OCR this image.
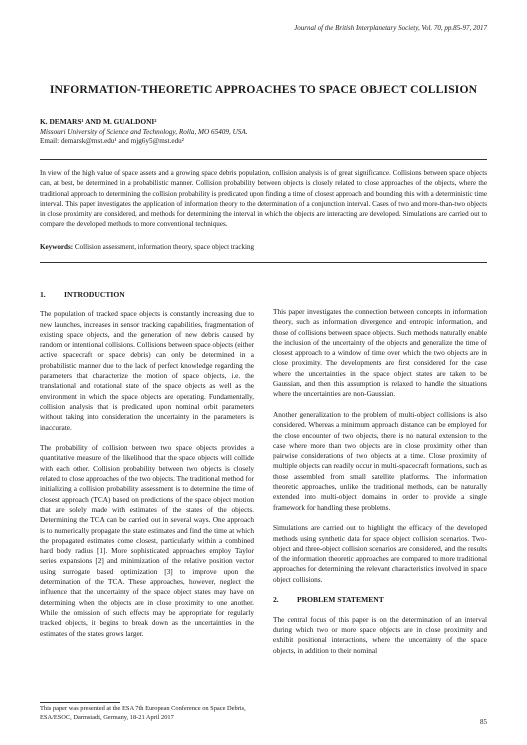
Journal of the British Interplanetary Society, Vol. 70, pp.85-97, 2017
INFORMATION-THEORETIC APPROACHES TO SPACE OBJECT COLLISION
K. DEMARS¹ AND M. GUALDONI²
Missouri University of Science and Technology, Rolla, MO 65409, USA.
Email: demarsk@mst.edu¹ and mjg6y5@mst.edu²
In view of the high value of space assets and a growing space debris population, collision analysis is of great significance. Collisions between space objects can, at best, be determined in a probabilistic manner. Collision probability between objects is closely related to close approaches of the objects, where the traditional approach to determining the collision probability is predicated upon finding a time of closest approach and bounding this with a deterministic time interval. This paper investigates the application of information theory to the determination of a conjunction interval. Cases of two and more-than-two objects in close proximity are considered, and methods for determining the interval in which the objects are interacting are developed. Simulations are carried out to compare the developed methods to more conventional techniques.
Keywords: Collision assessment, information theory, space object tracking
1.	INTRODUCTION

The population of tracked space objects is constantly increasing due to new launches, increases in sensor tracking capabilities, fragmentation of existing space objects, and the generation of new debris caused by random or intentional collisions. Collisions between space objects (either active spacecraft or space debris) can only be determined in a probabilistic manner due to the lack of perfect knowledge regarding the parameters that characterize the motion of space objects, i.e. the translational and rotational state of the space objects as well as the environment in which the space objects are operating. Fundamentally, collision analysis that is predicated upon nominal orbit parameters without taking into consideration the uncertainty in the parameters is inaccurate.

The probability of collision between two space objects provides a quantitative measure of the likelihood that the space objects will collide with each other. Collision probability between two objects is closely related to close approaches of the two objects. The traditional method for initializing a collision probability assessment is to determine the time of closest approach (TCA) based on predictions of the space object motion that are solely made with estimates of the states of the objects. Determining the TCA can be carried out in several ways. One approach is to numerically propagate the state estimates and find the time at which the propagated estimates come closest, particularly within a combined hard body radius [1]. More sophisticated approaches employ Taylor series expansions [2] and minimization of the relative position vector using surrogate based optimization [3] to improve upon the determination of the TCA. These approaches, however, neglect the influence that the uncertainty of the space object states may have on determining when the objects are in close proximity to one another. While the omission of such effects may be appropriate for regularly tracked objects, it begins to break down as the uncertainties in the estimates of the states grows larger.

This paper investigates the connection between concepts in information theory, such as information divergence and entropic information, and those of collisions between space objects. Such methods naturally enable the inclusion of the uncertainty of the objects and generalize the time of closest approach to a window of time over which the two objects are in close proximity. The developments are first considered for the case where the uncertainties in the space object states are taken to be Gaussian, and then this assumption is relaxed to handle the situations where the uncertainties are non-Gaussian.

Another generalization to the problem of multi-object collisions is also considered. Whereas a minimum approach distance can be employed for the close encounter of two objects, there is no natural extension to the case where more than two objects are in close proximity other than pairwise considerations of two objects at a time. Close proximity of multiple objects can readily occur in multi-spacecraft formations, such as those assembled from small satellite platforms. The information theoretic approaches, unlike the traditional methods, can be naturally extended into multi-object domains in order to provide a single framework for handling these problems.

Simulations are carried out to highlight the efficacy of the developed methods using synthetic data for space object collision scenarios. Two-object and three-object collision scenarios are considered, and the results of the information theoretic approaches are compared to more traditional approaches for determining the relevant characteristics involved in space object collisions.

2.	PROBLEM STATEMENT

The central focus of this paper is on the determination of an interval during which two or more space objects are in close proximity and exhibit positional interactions, where the uncertainty of the space objects, in addition to their nominal

This paper was presented at the ESA 7th European Conference on Space Debris, ESA/ESOC, Darmstadt, Germany, 18-21 April 2017
85
